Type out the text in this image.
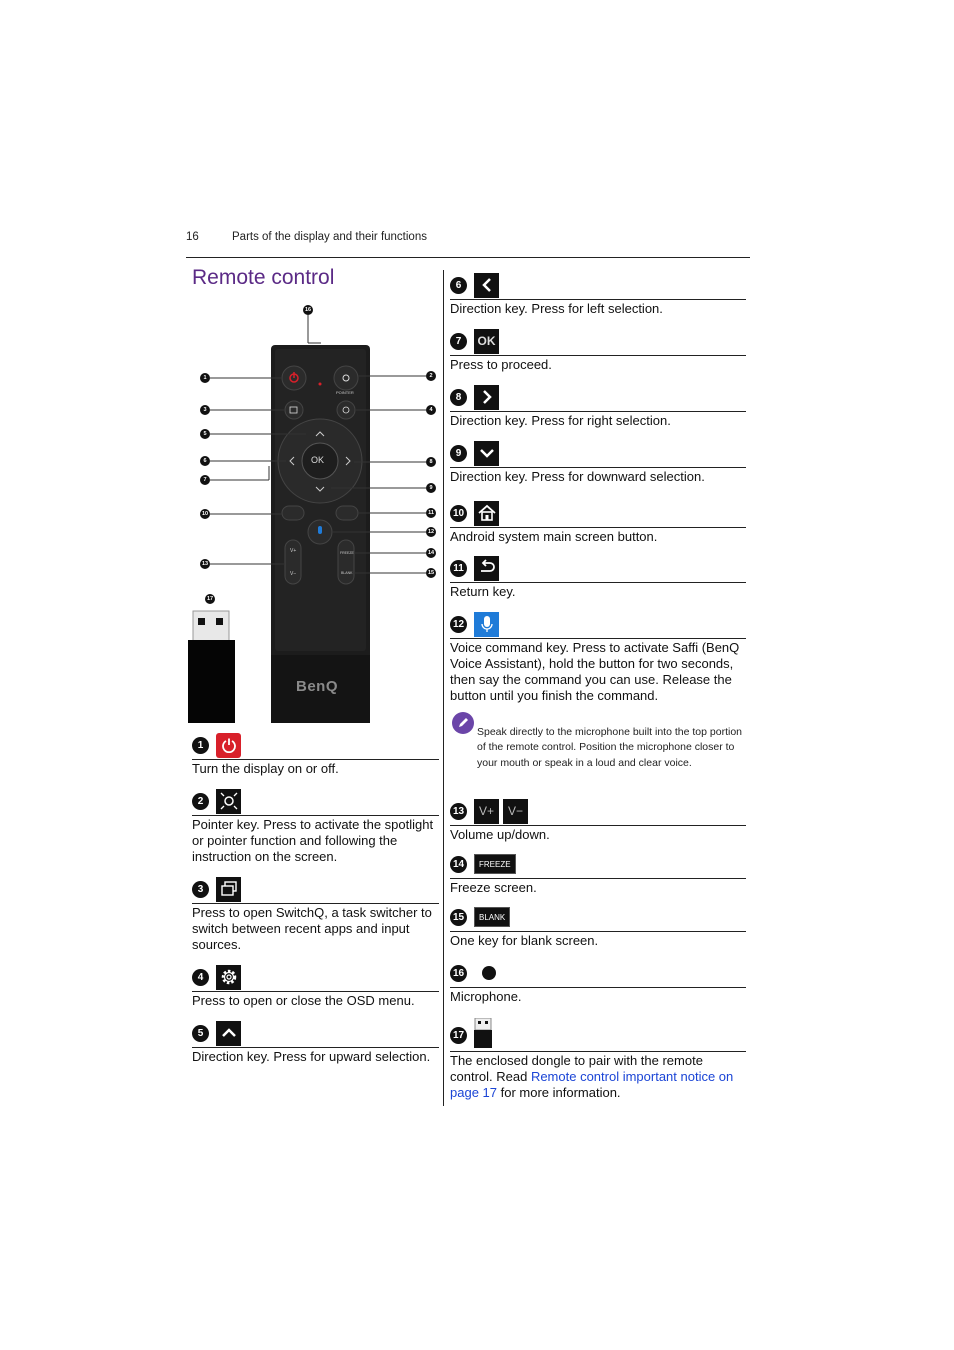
16	Parts of the display and their functions
Remote control
OK
POINTER
V+
V−
FREEZE
BLANK
BenQ
16
1	2
3	4
5
6	8
7
9
10	11
12
14
13
15
17
1
Turn the display on or off.
2
Pointer key. Press to activate the spotlight or pointer function and following the instruction on the screen.
3
Press to open SwitchQ, a task switcher to switch between recent apps and input sources.
4
Press to open or close the OSD menu.
5
Direction key. Press for upward selection.
6
Direction key. Press for left selection.
7	OK
Press to proceed.
8
Direction key. Press for right selection.
9
Direction key. Press for downward selection.
10
Android system main screen button.
11
Return key.
12
Voice command key. Press to activate Saffi (BenQ Voice Assistant), hold the button for two seconds, then say the command you can use. Release the button until you finish the command.
Speak directly to the microphone built into the top portion of the remote control. Position the microphone closer to your mouth or speak in a loud and clear voice.
13	V+	V−
Volume up/down.
14	FREEZE
Freeze screen.
15	BLANK
One key for blank screen.
16
Microphone.
17
The enclosed dongle to pair with the remote control. Read Remote control important notice on page 17 for more information.
